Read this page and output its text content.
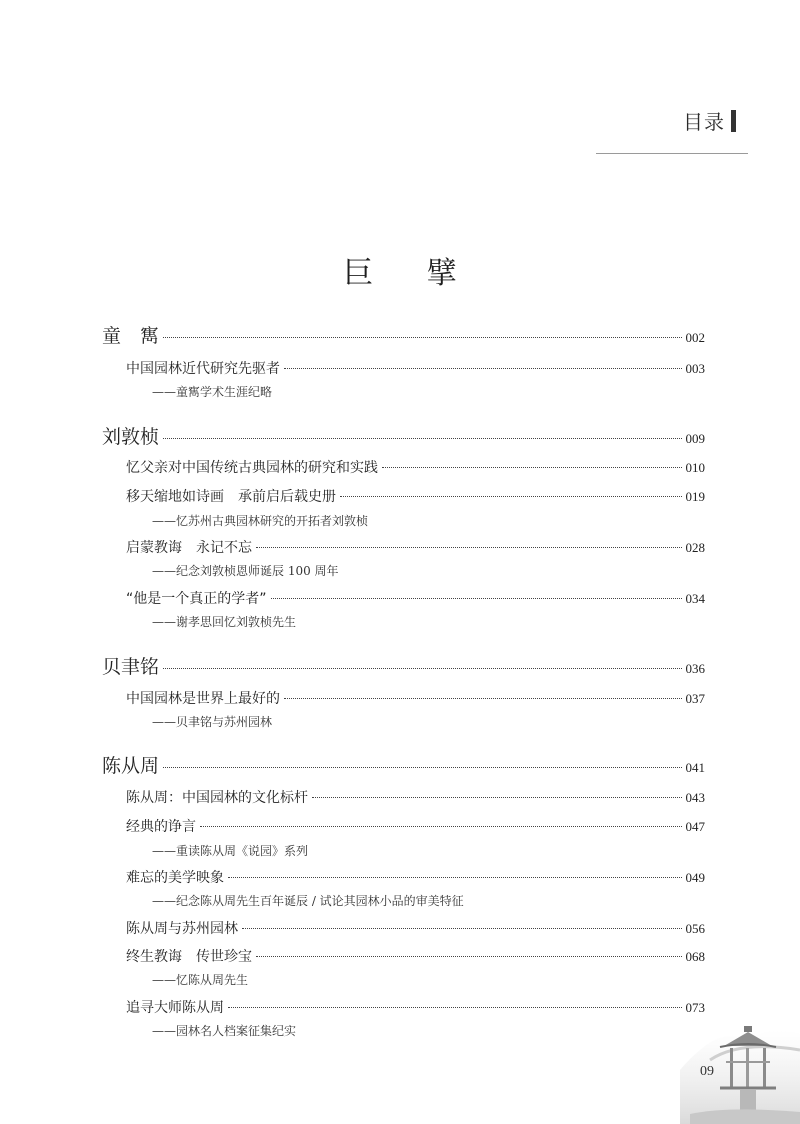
目录
巨 擘
童　寯	002
中国园林近代研究先驱者	003
——童寯学术生涯纪略
刘敦桢	009
忆父亲对中国传统古典园林的研究和实践	010
移天缩地如诗画　承前启后载史册	019
——忆苏州古典园林研究的开拓者刘敦桢
启蒙教诲　永记不忘	028
——纪念刘敦桢恩师诞辰 100 周年
“他是一个真正的学者”	034
——谢孝思回忆刘敦桢先生
贝聿铭	036
中国园林是世界上最好的	037
——贝聿铭与苏州园林
陈从周	041
陈从周：中国园林的文化标杆	043
经典的诤言	047
——重读陈从周《说园》系列
难忘的美学映象	049
——纪念陈从周先生百年诞辰 / 试论其园林小品的审美特征
陈从周与苏州园林	056
终生教诲　传世珍宝	068
——忆陈从周先生
追寻大师陈从周	073
——园林名人档案征集纪实
09
